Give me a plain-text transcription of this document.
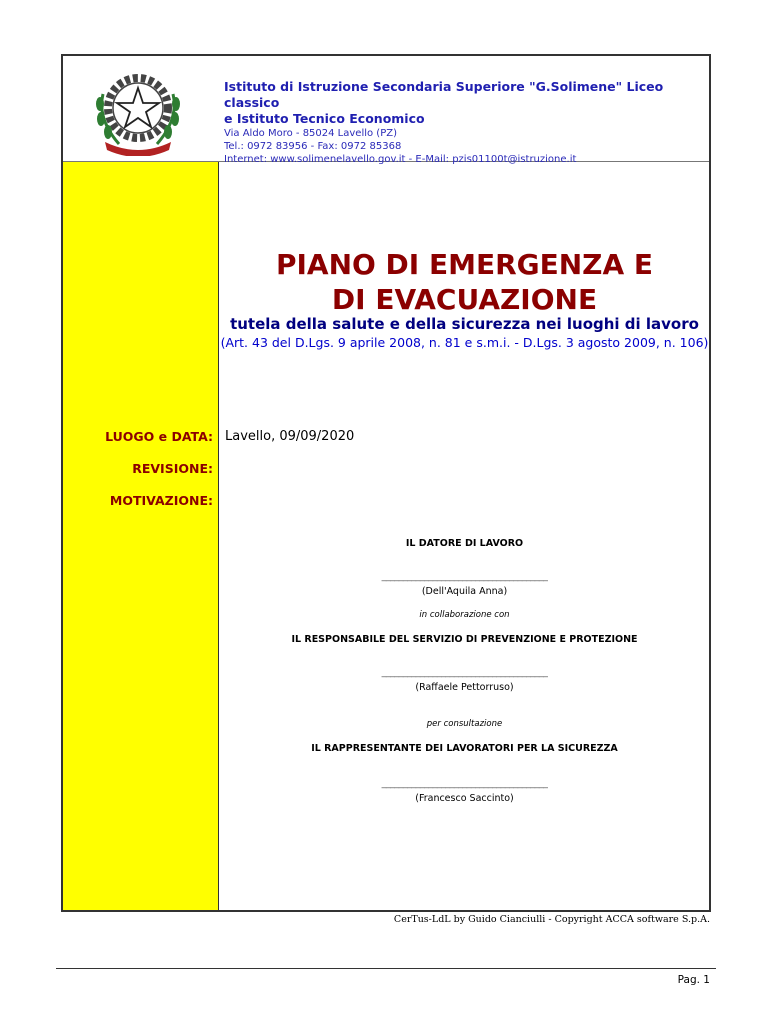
Istituto di Istruzione Secondaria Superiore "G.Solimene" Liceo classico
e Istituto Tecnico Economico
Via Aldo Moro - 85024 Lavello (PZ)
Tel.: 0972 83956 - Fax: 0972 85368
Internet: www.solimenelavello.gov.it - E-Mail: pzis01100t@istruzione.it
PIANO DI EMERGENZA E
DI EVACUAZIONE
tutela della salute e della sicurezza nei luoghi di lavoro
(Art. 43 del D.Lgs. 9 aprile 2008, n. 81 e s.m.i. - D.Lgs. 3 agosto 2009, n. 106)
LUOGO e DATA: Lavello, 09/09/2020
REVISIONE:
MOTIVAZIONE:
IL DATORE DI LAVORO
_______________________________________
(Dell'Aquila Anna)
in collaborazione con
IL RESPONSABILE DEL SERVIZIO DI PREVENZIONE E PROTEZIONE
_______________________________________
(Raffaele Pettorruso)
per consultazione
IL RAPPRESENTANTE DEI LAVORATORI PER LA SICUREZZA
_______________________________________
(Francesco Saccinto)
CerTus-LdL by Guido Cianciulli - Copyright ACCA software S.p.A.
Pag. 1
